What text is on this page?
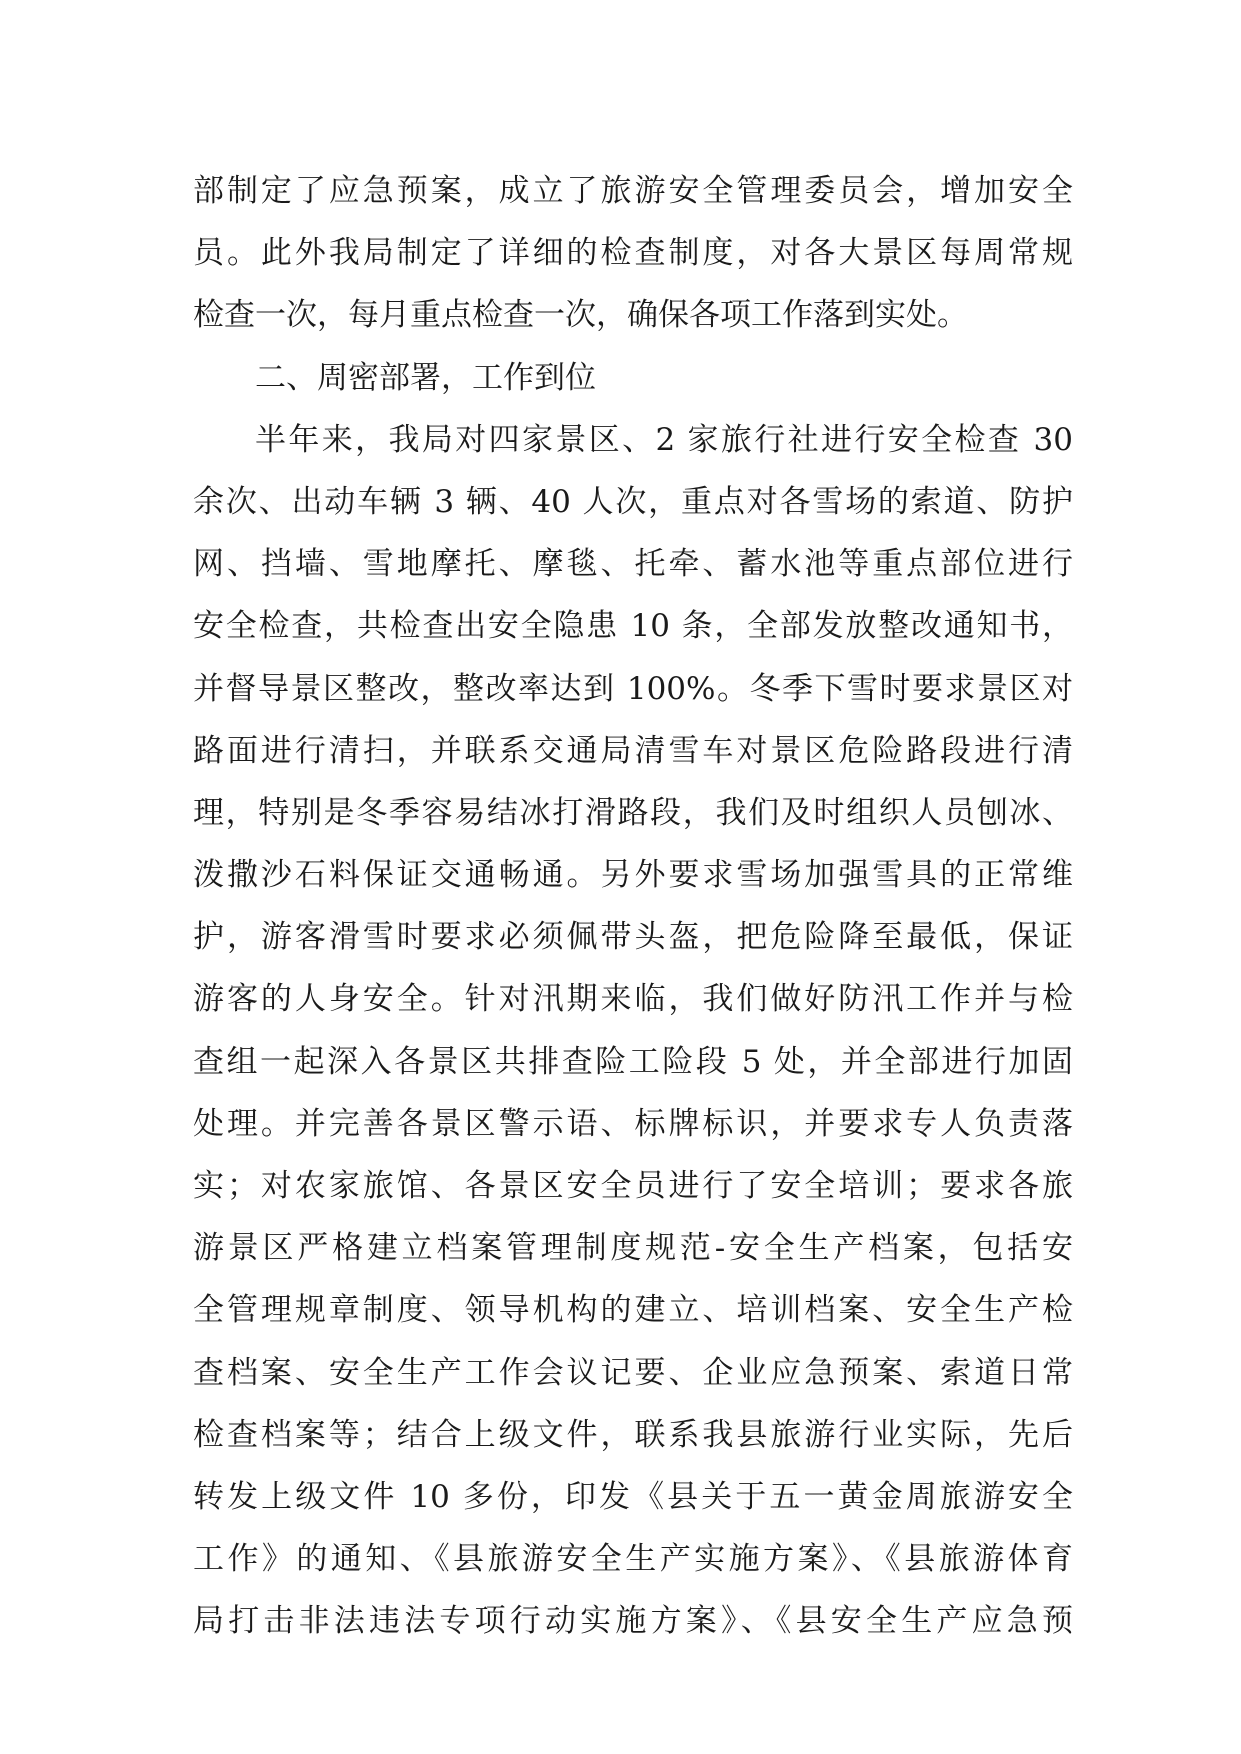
部制定了应急预案，成立了旅游安全管理委员会，增加安全
员。此外我局制定了详细的检查制度，对各大景区每周常规
检查一次，每月重点检查一次，确保各项工作落到实处。
二、周密部署，工作到位
半年来，我局对四家景区、2 家旅行社进行安全检查 30
余次、出动车辆 3 辆、40 人次，重点对各雪场的索道、防护
网、挡墙、雪地摩托、摩毯、托牵、蓄水池等重点部位进行
安全检查，共检查出安全隐患 10 条，全部发放整改通知书，
并督导景区整改，整改率达到 100%。冬季下雪时要求景区对
路面进行清扫，并联系交通局清雪车对景区危险路段进行清
理，特别是冬季容易结冰打滑路段，我们及时组织人员刨冰、
泼撒沙石料保证交通畅通。另外要求雪场加强雪具的正常维
护，游客滑雪时要求必须佩带头盔，把危险降至最低，保证
游客的人身安全。针对汛期来临，我们做好防汛工作并与检
查组一起深入各景区共排查险工险段 5 处，并全部进行加固
处理。并完善各景区警示语、标牌标识，并要求专人负责落
实；对农家旅馆、各景区安全员进行了安全培训；要求各旅
游景区严格建立档案管理制度规范-安全生产档案，包括安
全管理规章制度、领导机构的建立、培训档案、安全生产检
查档案、安全生产工作会议记要、企业应急预案、索道日常
检查档案等；结合上级文件，联系我县旅游行业实际，先后
转发上级文件 10 多份，印发《县关于五一黄金周旅游安全
工作》的通知、《县旅游安全生产实施方案》、《县旅游体育
局打击非法违法专项行动实施方案》、《县安全生产应急预
